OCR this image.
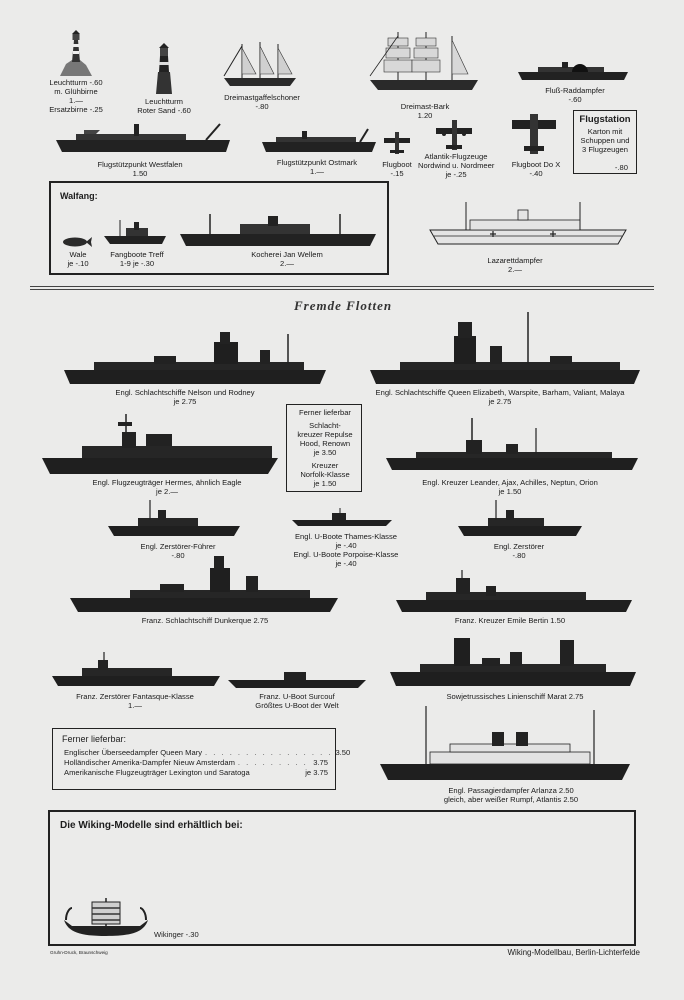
Leuchtturm -.60
m. Glühbirne
1.—
Ersatzbirne -.25
Leuchtturm
Roter Sand -.60
Dreimastgaffelschoner
-.80	Dreimast-Bark
1.20
Fluß-Raddampfer
-.60
Flugstützpunkt Westfalen
1.50
Flugstützpunkt Ostmark
1.—
Flugboot
-.15
Atlantik-Flugzeuge
Nordwind u. Nordmeer
je -.25
Flugboot Do X
-.40
Flugstation
Karton mit
Schuppen und
3 Flugzeugen
-.80
Walfang:
Wale
je -.10
Fangboote Treff
1-9 je -.30
Kocherei Jan Wellem
2.—	Lazarettdampfer
2.—
Fremde Flotten
Engl. Schlachtschiffe Nelson und Rodney
je 2.75
Engl. Schlachtschiffe Queen Elizabeth, Warspite, Barham, Valiant, Malaya
je 2.75
Ferner lieferbar
Schlacht-
kreuzer Repulse
Hood, Renown
je 3.50
Kreuzer
Norfolk-Klasse
je 1.50
Engl. Flugzeugträger Hermes, ähnlich Eagle
je 2.—
Engl. Kreuzer Leander, Ajax, Achilles, Neptun, Orion
je 1.50
Engl. Zerstörer-Führer
-.80
Engl. U-Boote Thames-Klasse
je -.40
Engl. U-Boote Porpoise-Klasse
je -.40
Engl. Zerstörer
-.80
Franz. Schlachtschiff Dunkerque 2.75	Franz. Kreuzer Emile Bertin 1.50
Franz. Zerstörer Fantasque-Klasse
1.—
Franz. U-Boot Surcouf
Größtes U-Boot der Welt
Sowjetrussisches Linienschiff Marat 2.75
Ferner lieferbar:
Englischer Überseedampfer Queen Mary . . . . . . . . . . . . . . . . 3.50
Holländischer Amerika-Dampfer Nieuw Amsterdam . . . . . . . . . 3.75
Amerikanische Flugzeugträger Lexington und Saratoga	je 3.75
Engl. Passagierdampfer Arlanza 2.50
gleich, aber weißer Rumpf, Atlantis 2.50
Die Wiking-Modelle sind erhältlich bei:
Wikinger -.30
Gruhn-Druck, Braunschweig	Wiking-Modellbau, Berlin-Lichterfelde
